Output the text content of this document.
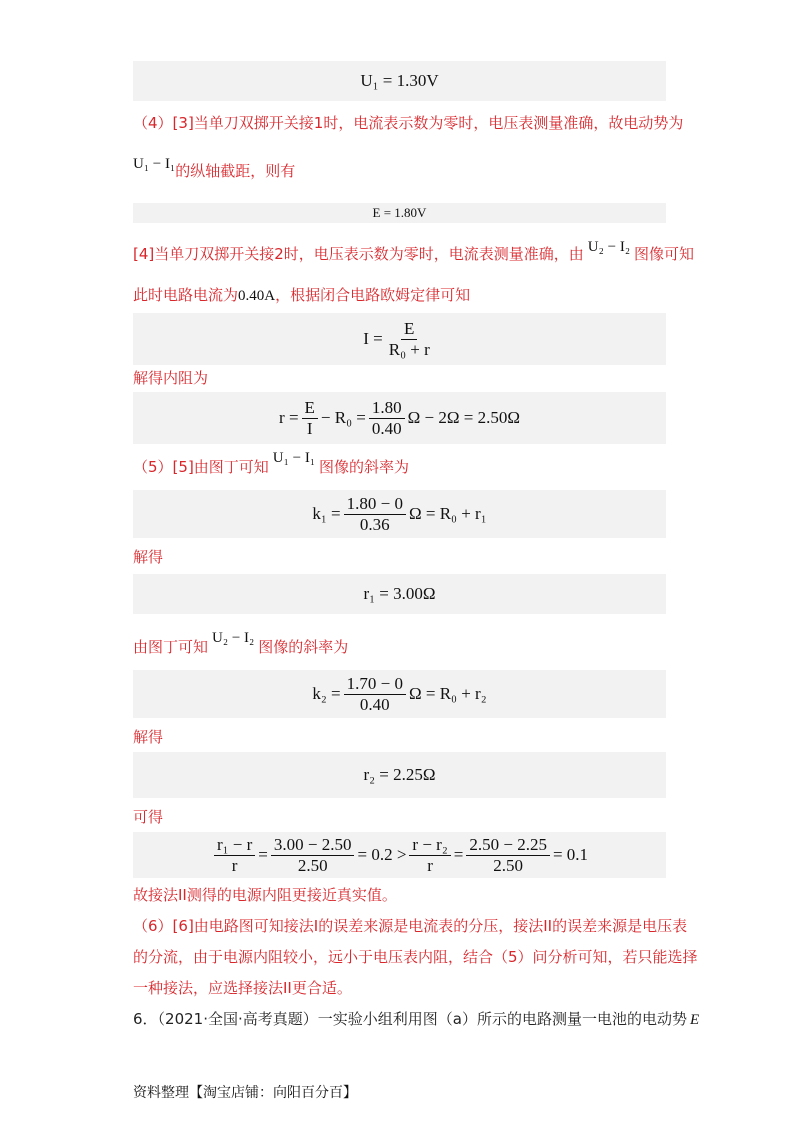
U₁ = 1.30V
（4）[3]当单刀双掷开关接1时，电流表示数为零时，电压表测量准确，故电动势为
U₁ − I₁的纵轴截距，则有
E = 1.80V
[4]当单刀双掷开关接2时，电压表示数为零时，电流表测量准确，由 U₂ − I₂ 图像可知
此时电路电流为0.40A，根据闭合电路欧姆定律可知
$I = \frac{E}{\text{R₀ + r}}$
解得内阻为
$r = \frac{E}{I} - R_0 = \frac{1.80}{0.40}$ Ω − 2Ω = 2.50Ω
（5）[5]由图丁可知 U₁ − I₁ 图像的斜率为
$k_1 = \frac{1.80 - 0}{0.36}$ Ω = R₀ + r₁
解得
r₁ = 3.00Ω
由图丁可知 U₂ − I₂ 图像的斜率为
$k_2 = \frac{1.70 - 0}{0.40}$ Ω = R₀ + r₂
解得
r₂ = 2.25Ω
可得
$\frac{\text{r₁ − r}}{r} = \frac{3.00 - 2.50}{2.50} = 0.2 > \frac{\text{r − r₂}}{r} = \frac{2.50 - 2.25}{2.50} = 0.1$
故接法II测得的电源内阻更接近真实值。
（6）[6]由电路图可知接法I的误差来源是电流表的分压，接法II的误差来源是电压表
的分流，由于电源内阻较小，远小于电压表内阻，结合（5）问分析可知，若只能选择
一种接法，应选择接法II更合适。
6．（2021·全国·高考真题）一实验小组利用图（a）所示的电路测量一电池的电动势 E
资料整理【淘宝店铺：向阳百分百】
